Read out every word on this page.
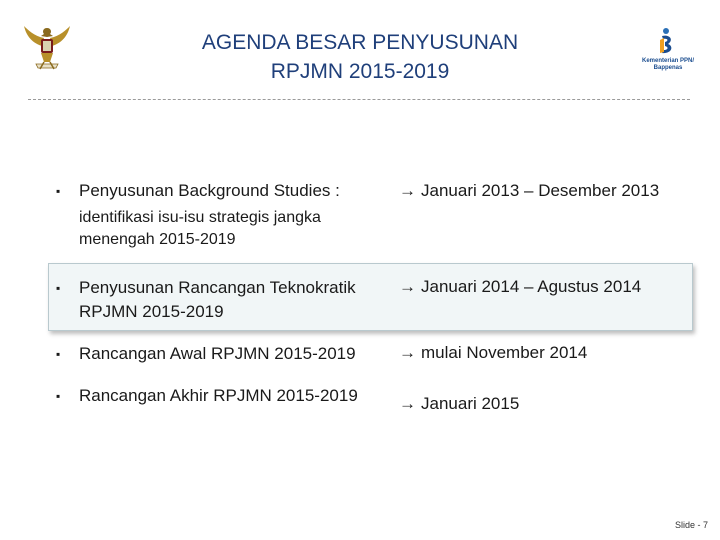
Kementerian PPN/
Bappenas
AGENDA BESAR PENYUSUNAN
RPJMN 2015-2019
▪ Penyusunan Background Studies :
identifikasi isu-isu strategis jangka
menengah 2015-2019
→ Januari 2013 – Desember 2013
▪ Penyusunan Rancangan Teknokratik
RPJMN 2015-2019
→ Januari 2014 – Agustus 2014
▪ Rancangan Awal RPJMN 2015-2019	→ mulai November 2014
▪ Rancangan Akhir RPJMN 2015-2019 → Januari 2015
Slide - 7
